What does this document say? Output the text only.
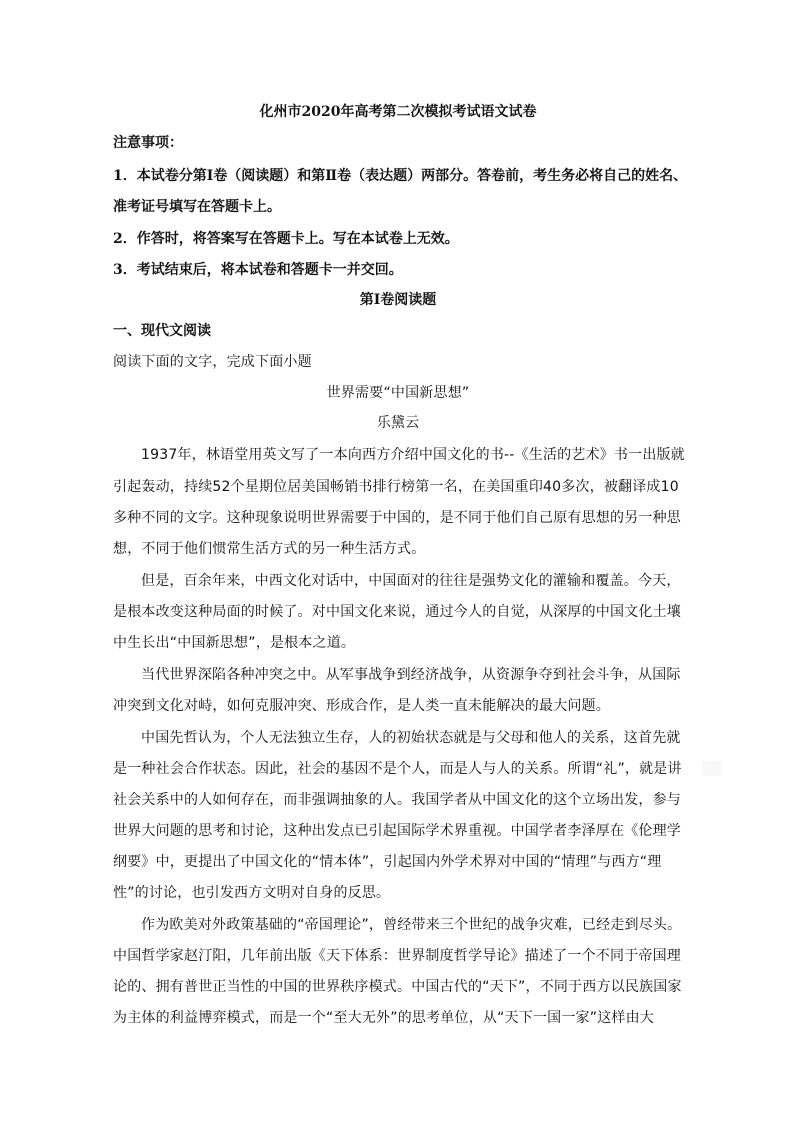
化州市2020年高考第二次模拟考试语文试卷
注意事项：
1．本试卷分第Ⅰ卷（阅读题）和第Ⅱ卷（表达题）两部分。答卷前，考生务必将自己的姓名、
准考证号填写在答题卡上。
2．作答时，将答案写在答题卡上。写在本试卷上无效。
3．考试结束后，将本试卷和答题卡一并交回。
第Ⅰ卷阅读题
一、现代文阅读
阅读下面的文字，完成下面小题
世界需要“中国新思想”
乐黛云
1937年，林语堂用英文写了一本向西方介绍中国文化的书--《生活的艺术》书一出版就
引起轰动，持续52个星期位居美国畅销书排行榜第一名，在美国重印40多次，被翻译成10
多种不同的文字。这种现象说明世界需要于中国的，是不同于他们自己原有思想的另一种思
想，不同于他们惯常生活方式的另一种生活方式。
但是，百余年来，中西文化对话中，中国面对的往往是强势文化的灌输和覆盖。今天，
是根本改变这种局面的时候了。对中国文化来说，通过今人的自觉，从深厚的中国文化土壤
中生长出“中国新思想”，是根本之道。
当代世界深陷各种冲突之中。从军事战争到经济战争，从资源争夺到社会斗争，从国际
冲突到文化对峙，如何克服冲突、形成合作，是人类一直未能解决的最大问题。
中国先哲认为，个人无法独立生存，人的初始状态就是与父母和他人的关系，这首先就
是一种社会合作状态。因此，社会的基因不是个人，而是人与人的关系。所谓“礼”，就是讲
社会关系中的人如何存在，而非强调抽象的人。我国学者从中国文化的这个立场出发，参与
世界大问题的思考和讨论，这种出发点已引起国际学术界重视。中国学者李泽厚在《伦理学
纲要》中，更提出了中国文化的“情本体”，引起国内外学术界对中国的“情理”与西方“理
性”的讨论，也引发西方文明对自身的反思。
作为欧美对外政策基础的“帝国理论”，曾经带来三个世纪的战争灾难，已经走到尽头。
中国哲学家赵汀阳，几年前出版《天下体系：世界制度哲学导论》描述了一个不同于帝国理
论的、拥有普世正当性的中国的世界秩序模式。中国古代的“天下”，不同于西方以民族国家
为主体的利益博弈模式，而是一个“至大无外”的思考单位，从“天下一国一家”这样由大
▒▒
